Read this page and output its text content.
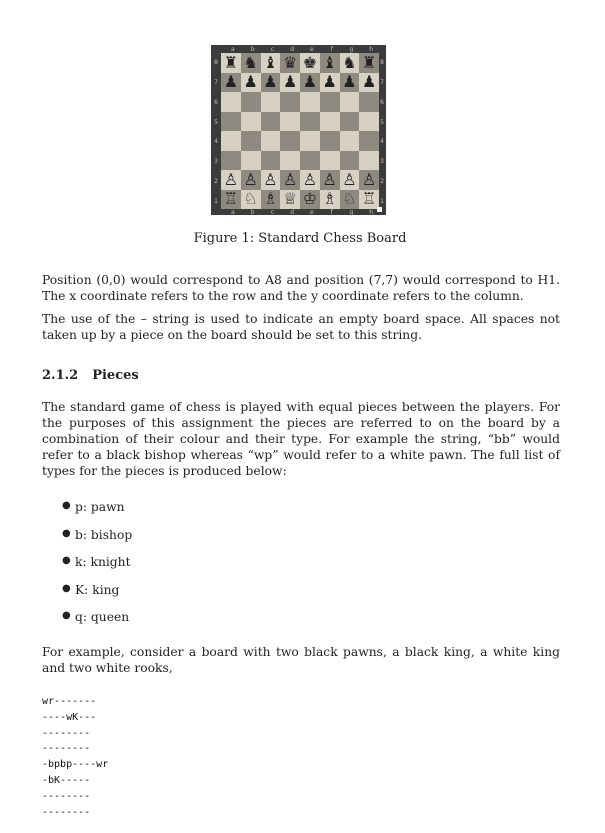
a	b	c	d	e	f	g	h
a	b	c	d	e	f	g	h
8
7
6
5
4
3
2
1
8
7
6
5
4
3
2
1
♜ ♞ ♝ ♛ ♚ ♝ ♞ ♜
♟ ♟ ♟ ♟ ♟ ♟ ♟ ♟
♙ ♙ ♙ ♙ ♙ ♙ ♙ ♙
♖ ♘ ♗ ♕ ♔ ♗ ♘ ♖
Figure 1: Standard Chess Board

Position (0,0) would correspond to A8 and position (7,7) would correspond to H1. The x coordinate refers to the row and the y coordinate refers to the column.

The use of the – string is used to indicate an empty board space. All spaces not taken up by a piece on the board should be set to this string.

2.1.2 Pieces

The standard game of chess is played with equal pieces between the players. For the purposes of this assignment the pieces are referred to on the board by a combination of their colour and their type. For example the string, “bb” would refer to a black bishop whereas “wp” would refer to a white pawn. The full list of types for the pieces is produced below:

● p: pawn
● b: bishop
● k: knight
● K: king
● q: queen

For example, consider a board with two black pawns, a black king, a white king and two white rooks,

wr-------
----wK---
--------
--------
-bpbp----wr
-bK-----
--------
--------
